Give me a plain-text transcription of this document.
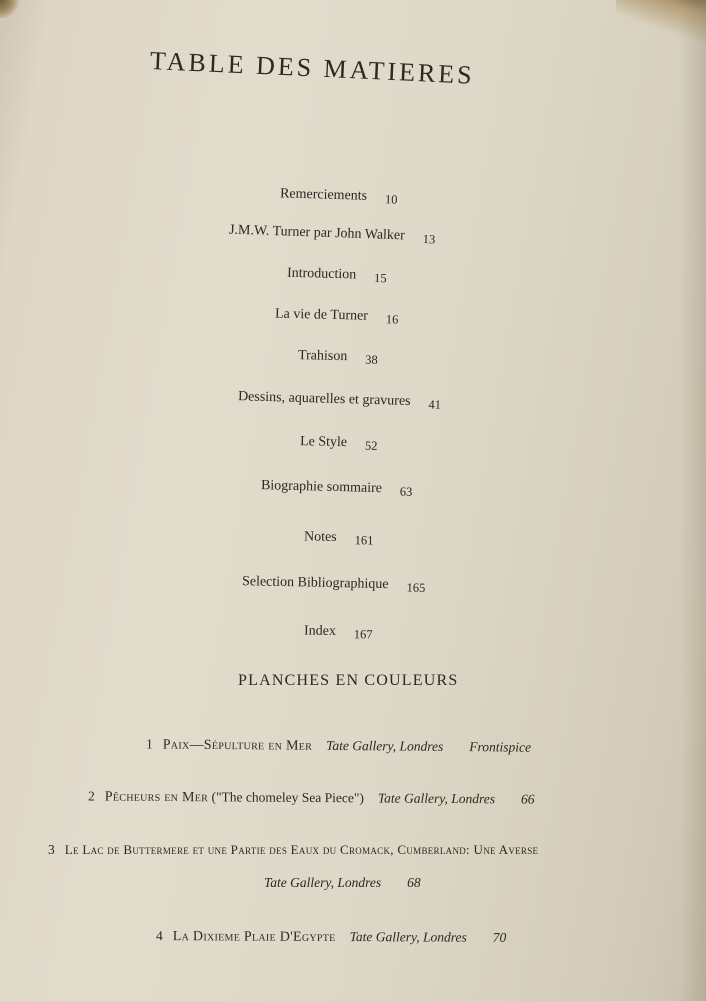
TABLE DES MATIERES
Remerciements 10
J.M.W. Turner par John Walker 13
Introduction 15
La vie de Turner 16
Trahison 38
Dessins, aquarelles et gravures 41
Le Style 52
Biographie sommaire 63
Notes 161
Selection Bibliographique 165
Index 167
PLANCHES EN COULEURS
1 Paix—Sépulture en Mer Tate Gallery, Londres Frontispice
2 Pêcheurs en Mer ("The chomeley Sea Piece") Tate Gallery, Londres 66
3 Le Lac de Buttermere et une Partie des Eaux du Cromack, Cumberland: Une Averse
Tate Gallery, Londres 68
4 La Dixieme Plaie D'Egypte Tate Gallery, Londres 70
